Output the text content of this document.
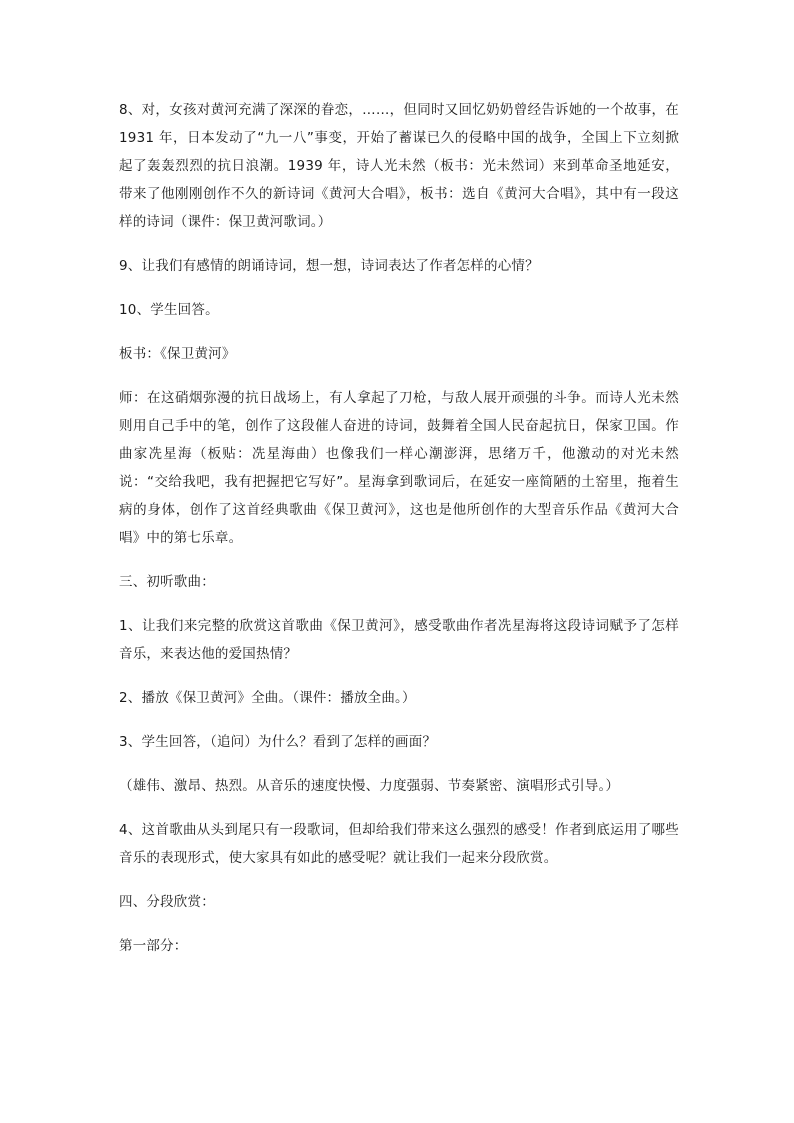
8、对，女孩对黄河充满了深深的眷恋，……，但同时又回忆奶奶曾经告诉她的一个故事，在 1931 年，日本发动了“九一八”事变，开始了蓄谋已久的侵略中国的战争，全国上下立刻掀起了轰轰烈烈的抗日浪潮。1939 年，诗人光未然（板书：光未然词）来到革命圣地延安，带来了他刚刚创作不久的新诗词《黄河大合唱》，板书：选自《黄河大合唱》，其中有一段这样的诗词（课件：保卫黄河歌词。）

9、让我们有感情的朗诵诗词，想一想，诗词表达了作者怎样的心情？

10、学生回答。

板书：《保卫黄河》

师：在这硝烟弥漫的抗日战场上，有人拿起了刀枪，与敌人展开顽强的斗争。而诗人光未然则用自己手中的笔，创作了这段催人奋进的诗词，鼓舞着全国人民奋起抗日，保家卫国。作曲家冼星海（板贴：冼星海曲）也像我们一样心潮澎湃，思绪万千，他激动的对光未然说：“交给我吧，我有把握把它写好”。星海拿到歌词后，在延安一座简陋的土窑里，拖着生病的身体，创作了这首经典歌曲《保卫黄河》，这也是他所创作的大型音乐作品《黄河大合唱》中的第七乐章。

三、初听歌曲：

1、让我们来完整的欣赏这首歌曲《保卫黄河》，感受歌曲作者冼星海将这段诗词赋予了怎样音乐，来表达他的爱国热情？

2、播放《保卫黄河》全曲。（课件：播放全曲。）

3、学生回答，（追问）为什么？看到了怎样的画面？

（雄伟、激昂、热烈。从音乐的速度快慢、力度强弱、节奏紧密、演唱形式引导。）

4、这首歌曲从头到尾只有一段歌词，但却给我们带来这么强烈的感受！作者到底运用了哪些音乐的表现形式，使大家具有如此的感受呢？就让我们一起来分段欣赏。

四、分段欣赏：

第一部分：
